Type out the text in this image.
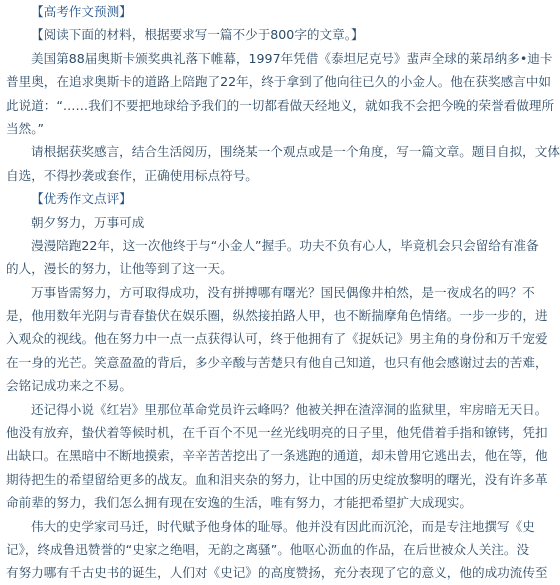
【高考作文预测】
【阅读下面的材料，根据要求写一篇不少于800字的文章。】
美国第88届奥斯卡颁奖典礼落下帷幕，1997年凭借《泰坦尼克号》蜚声全球的莱昂纳多•迪卡
普里奥，在追求奥斯卡的道路上陪跑了22年，终于拿到了他向往已久的小金人。他在获奖感言中如
此说道：“……我们不要把地球给予我们的一切都看做天经地义，就如我不会把今晚的荣誉看做理所
当然。”
请根据获奖感言，结合生活阅历，围绕某一个观点或是一个角度，写一篇文章。题目自拟，文体
自选，不得抄袭或套作，正确使用标点符号。
【优秀作文点评】
朝夕努力，万事可成
漫漫陪跑22年，这一次他终于与“小金人”握手。功夫不负有心人，毕竟机会只会留给有准备
的人，漫长的努力，让他等到了这一天。
万事皆需努力，方可取得成功，没有拼搏哪有曙光？国民偶像井柏然，是一夜成名的吗？不
是，他用数年光阴与青春蛰伏在娱乐圈，纵然接拍路人甲，也不断揣摩角色情绪。一步一步的，进
入观众的视线。他在努力中一点一点获得认可，终于他拥有了《捉妖记》男主角的身份和万千宠爱
在一身的光芒。笑意盈盈的背后，多少辛酸与苦楚只有他自己知道，也只有他会感谢过去的苦难，
会铭记成功来之不易。
还记得小说《红岩》里那位革命党员许云峰吗？他被关押在渣滓洞的监狱里，牢房暗无天日。
他没有放弃，蛰伏着等候时机，在千百个不见一丝光线明亮的日子里，他凭借着手指和镣铐，凭扣
出缺口。在黑暗中不断地摸索，辛辛苦苦挖出了一条逃跑的通道，却未曾用它逃出去，他在等，他
期待把生的希望留给更多的战友。血和泪夹杂的努力，让中国的历史绽放黎明的曙光，没有许多革
命前辈的努力，我们怎么拥有现在安逸的生活，唯有努力，才能把希望扩大成现实。
伟大的史学家司马迁，时代赋予他身体的耻辱。他并没有因此而沉沦，而是专注地撰写《史
记》，终成鲁迅赞誉的“史家之绝唱，无韵之离骚”。他呕心沥血的作品，在后世被众人关注。没
有努力哪有千古史书的诞生，人们对《史记》的高度赞扬，充分表现了它的意义，他的成功流传至
